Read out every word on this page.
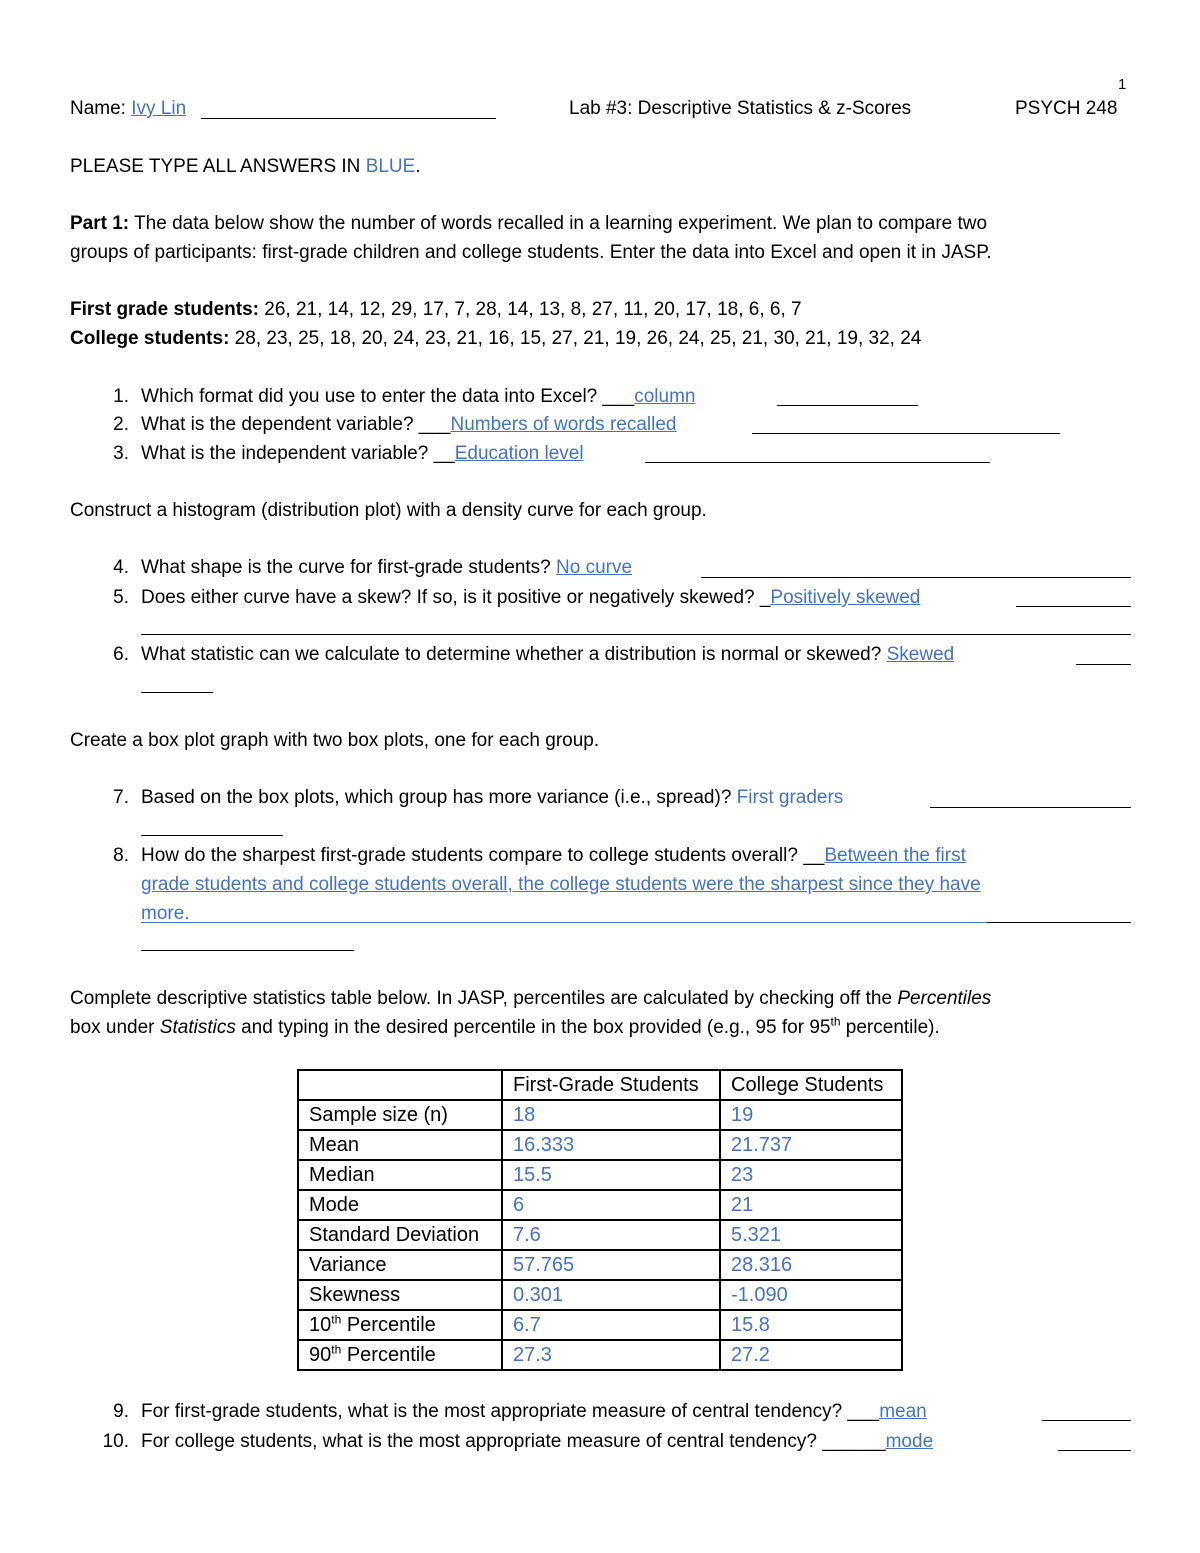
1
Name: Ivy Lin	Lab #3: Descriptive Statistics & z-Scores	PSYCH 248
PLEASE TYPE ALL ANSWERS IN BLUE.
Part 1: The data below show the number of words recalled in a learning experiment. We plan to compare two
groups of participants: first-grade children and college students. Enter the data into Excel and open it in JASP.
First grade students: 26, 21, 14, 12, 29, 17, 7, 28, 14, 13, 8, 27, 11, 20, 17, 18, 6, 6, 7
College students: 28, 23, 25, 18, 20, 24, 23, 21, 16, 15, 27, 21, 19, 26, 24, 25, 21, 30, 21, 19, 32, 24
1. Which format did you use to enter the data into Excel? ___column
2. What is the dependent variable? ___Numbers of words recalled
3. What is the independent variable? __Education level
Construct a histogram (distribution plot) with a density curve for each group.
4. What shape is the curve for first-grade students? No curve
5. Does either curve have a skew? If so, is it positive or negatively skewed? _Positively skewed
6. What statistic can we calculate to determine whether a distribution is normal or skewed? Skewed
Create a box plot graph with two box plots, one for each group.
7. Based on the box plots, which group has more variance (i.e., spread)? First graders
8. How do the sharpest first-grade students compare to college students overall? __Between the first
grade students and college students overall, the college students were the sharpest since they have
more.
Complete descriptive statistics table below. In JASP, percentiles are calculated by checking off the Percentiles
box under Statistics and typing in the desired percentile in the box provided (e.g., 95 for 95th percentile).
	First-Grade Students	College Students
Sample size (n)	18	19
Mean	16.333	21.737
Median	15.5	23
Mode	6	21
Standard Deviation	7.6	5.321
Variance	57.765	28.316
Skewness	0.301	-1.090
10th Percentile	6.7	15.8
90th Percentile	27.3	27.2
9. For first-grade students, what is the most appropriate measure of central tendency? ___mean
10. For college students, what is the most appropriate measure of central tendency? ______mode
